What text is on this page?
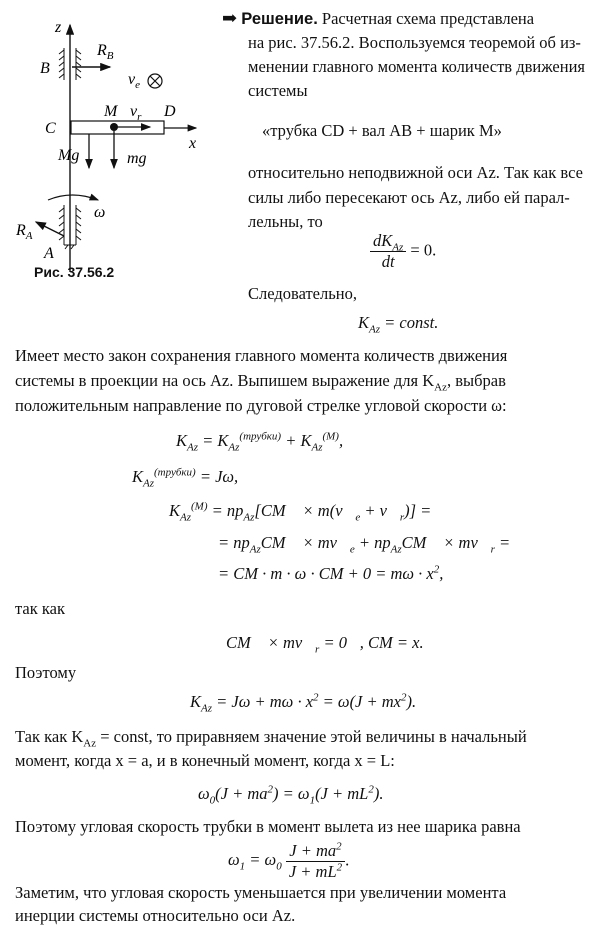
z
B
$R_B$
$v_e$
M $v_r$ D
C
x
Mg	mg
ω
$R_A$
A
Рис. 37.56.2
➡ Решение. Расчетная схема представлена
на рис. 37.56.2. Воспользуемся теоремой об из-
менении главного момента количеств движения
системы
«трубка CD + вал AB + шарик M»
относительно неподвижной оси Az. Так как все
силы либо пересекают ось Az, либо ей парал-
лельны, то
$\frac{dK_{Az}}{dt} = 0$.
Следовательно,
$K_{Az}$ = const.
Имеет место закон сохранения главного момента количеств движения
системы в проекции на ось Az. Выпишем выражение для $K_{Az}$, выбрав
положительным направление по дуговой стрелке угловой скорости ω:
$K_{Az} = K_{Az}^{(трубки)} + K_{Az}^{(M)}$,
$K_{Az}^{(трубки)} = J\omega$,
$K_{Az}^{(M)}$ = $пр_{Az}[CM⃗$ × $m(v⃗_e$ + $v⃗_r$)] =
= $пр_{Az}CM⃗$ × $mv⃗_e$ + $пр_{Az}CM⃗$ × $mv⃗_r$ =
= CM · m · ω · CM + $0 = m\omega \cdot x^2$,
так как
CM⃗ × $mv⃗_r$ = 0⃗, CM = x.
Поэтому
$K_{Az} = J\omega + m\omega \cdot x^2 = \omega(J + mx^2)$.
Так как $K_{Az}$ = const, то приравняем значение этой величины в начальный
момент, когда x = a, и в конечный момент, когда x = L:
$\omega_0(J + ma^2) = \omega_1(J + mL^2)$.
Поэтому угловая скорость трубки в момент вылета из нее шарика равна
$\omega_1 = \omega_0 \frac{J + ma^2}{J + mL^2}$ .
Заметим, что угловая скорость уменьшается при увеличении момента
инерции системы относительно оси Az.
